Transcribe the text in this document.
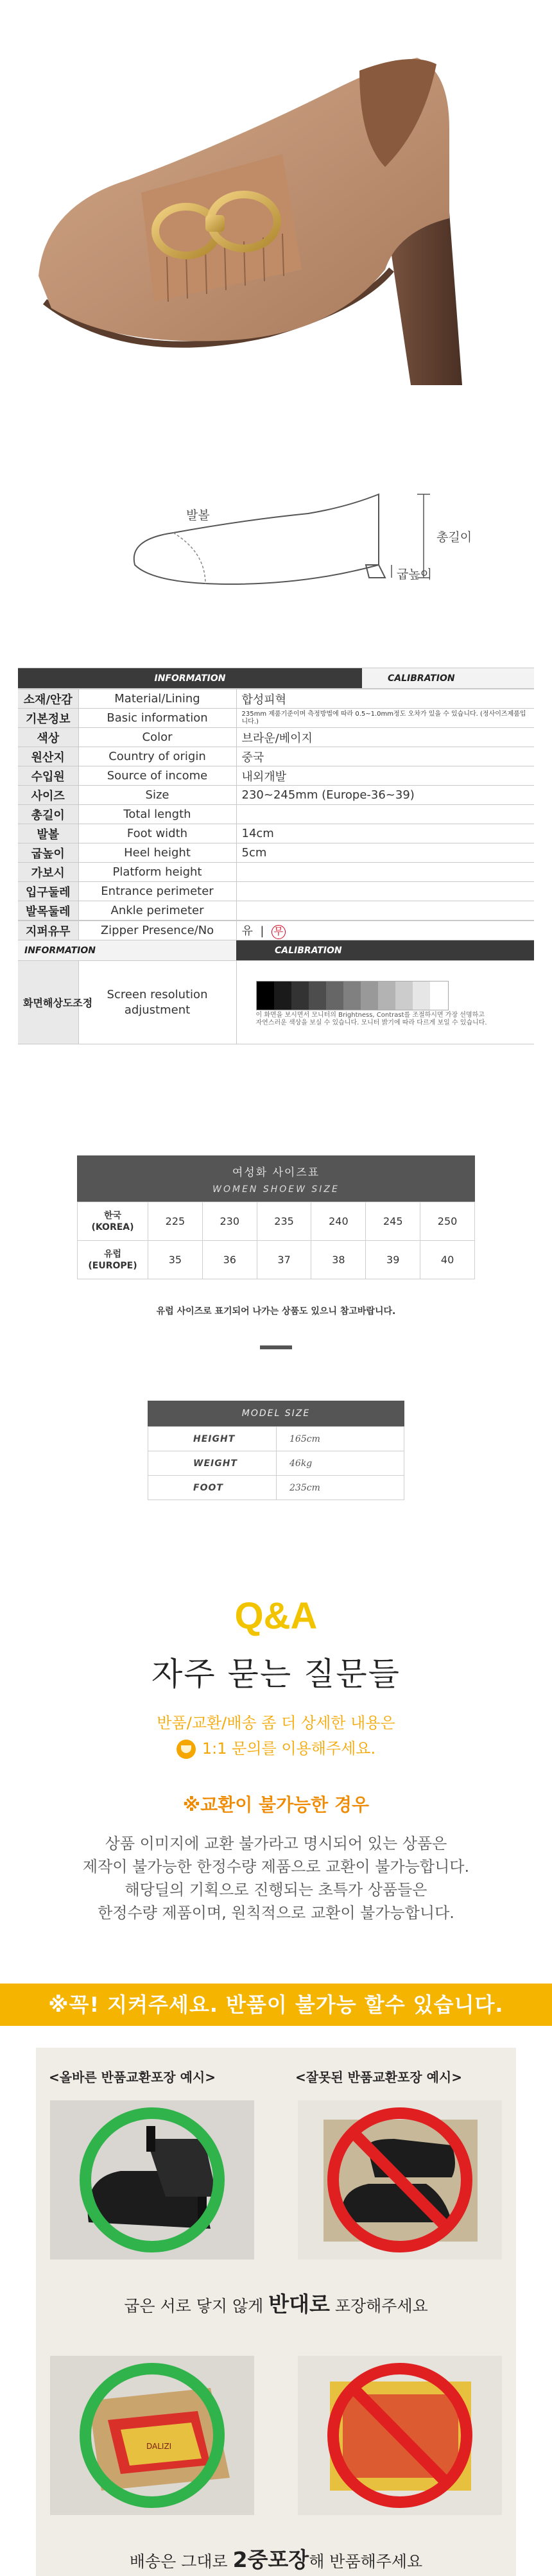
발볼
총길이
굽높이
INFORMATION	CALIBRATION
소재/안감	Material/Lining	합성피혁
기본정보	Basic information	235mm 제품기준이며 측정방법에 따라 0.5~1.0mm정도 오차가 있을 수 있습니다. (정사이즈제품입니다.)
색상	Color	브라운/베이지
원산지	Country of origin	중국
수입원	Source of income	내외개발
사이즈	Size	230~245mm (Europe-36~39)
총길이	Total length	
발볼	Foot width	14cm
굽높이	Heel height	5cm
가보시	Platform height	
입구둘레	Entrance perimeter	
발목둘레	Ankle perimeter	
지퍼유무	Zipper Presence/No	유 | 무
INFORMATION		CALIBRATION
화면해상도조정	Screen resolution adjustment	이 화면을 보시면서 모니터의 Brightness, Contrast를 조절하시면 가장 선명하고
자연스러운 색상을 보실 수 있습니다. 모니터 밝기에 따라 다르게 보일 수 있습니다.
여성화 사이즈표
WOMEN SHOEW SIZE
한국
(KOREA)	225	230	235	240	245	250
유럽
(EUROPE)	35	36	37	38	39	40
유럽 사이즈로 표기되어 나가는 상품도 있으니 참고바랍니다.
MODEL SIZE
HEIGHT	165cm
WEIGHT	46kg
FOOT	235cm
Q&A
자주 묻는 질문들
반품/교환/배송 좀 더 상세한 내용은
1:1 문의를 이용해주세요.
※교환이 불가능한 경우
상품 이미지에 교환 불가라고 명시되어 있는 상품은
제작이 불가능한 한정수량 제품으로 교환이 불가능합니다.
해당딜의 기획으로 진행되는 초특가 상품들은
한정수량 제품이며, 원칙적으로 교환이 불가능합니다.
※꼭! 지켜주세요. 반품이 불가능 할수 있습니다.
<올바른 반품교환포장 예시>	<잘못된 반품교환포장 예시>
굽은 서로 닿지 않게 반대로 포장해주세요
DALIZI
배송은 그대로 2중포장해 반품해주세요
